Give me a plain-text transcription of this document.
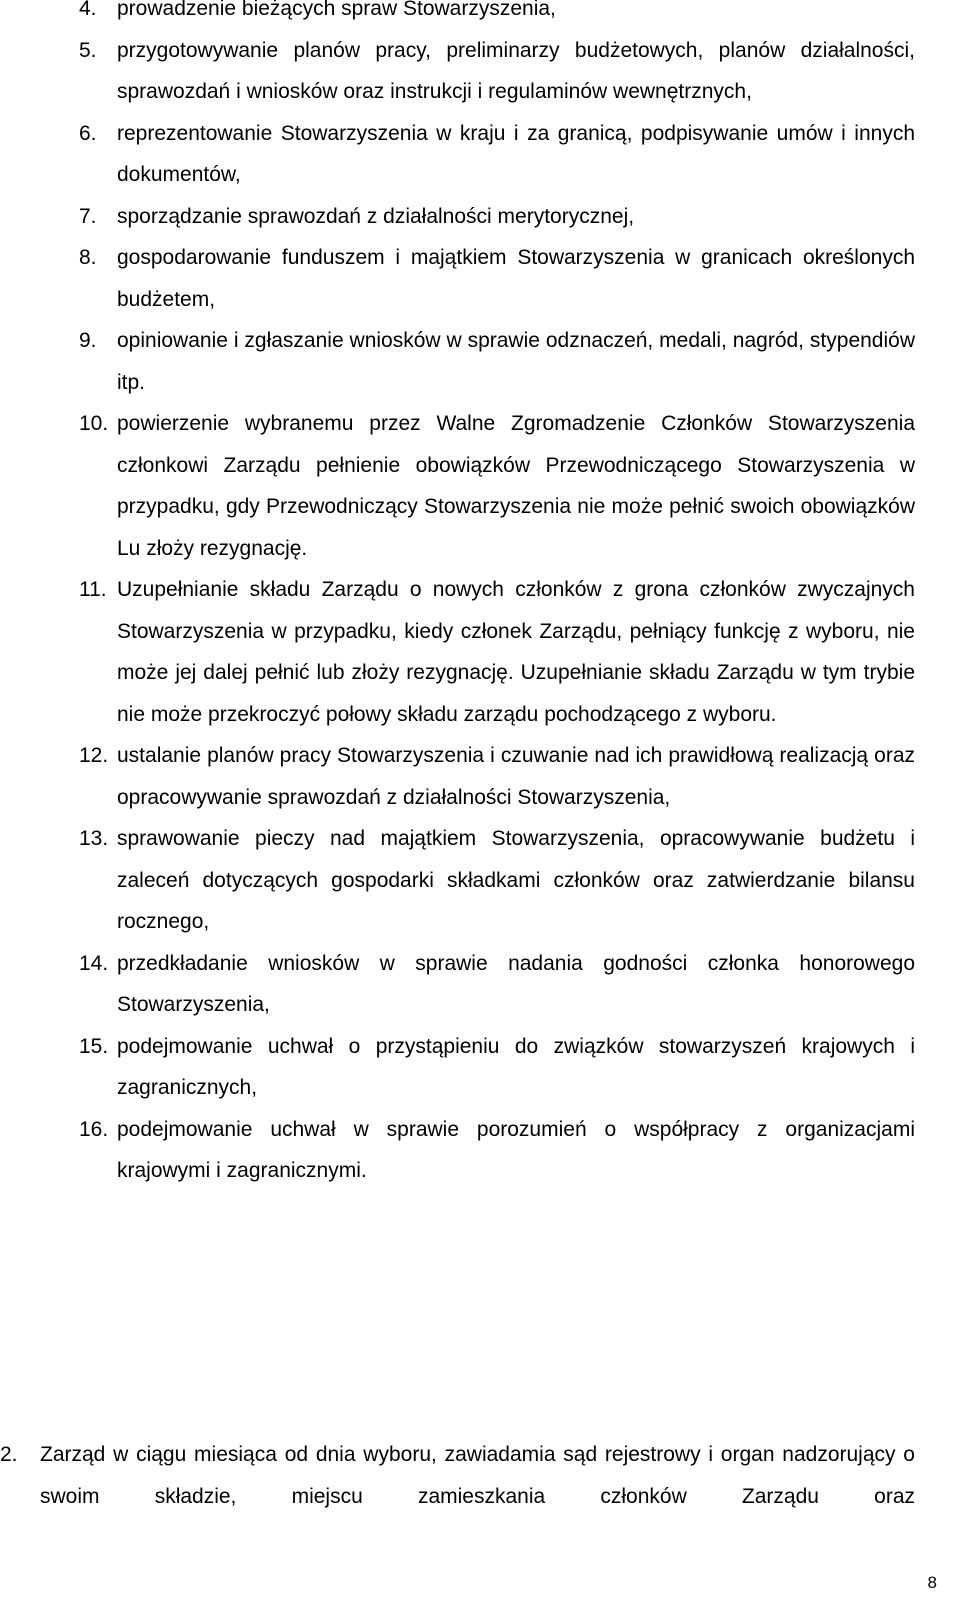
4. prowadzenie bieżących spraw Stowarzyszenia,
5. przygotowywanie planów pracy, preliminarzy budżetowych, planów działalności, sprawozdań i wniosków oraz instrukcji i regulaminów wewnętrznych,
6. reprezentowanie Stowarzyszenia w kraju i za granicą, podpisywanie umów i innych dokumentów,
7. sporządzanie sprawozdań z działalności merytorycznej,
8. gospodarowanie funduszem i majątkiem Stowarzyszenia w granicach określonych budżetem,
9. opiniowanie i zgłaszanie wniosków w sprawie odznaczeń, medali, nagród, stypendiów itp.
10. powierzenie wybranemu przez Walne Zgromadzenie Członków Stowarzyszenia członkowi Zarządu pełnienie obowiązków Przewodniczącego Stowarzyszenia w przypadku, gdy Przewodniczący Stowarzyszenia nie może pełnić swoich obowiązków Lu złoży rezygnację.
11. Uzupełnianie składu Zarządu o nowych członków z grona członków zwyczajnych Stowarzyszenia w przypadku, kiedy członek Zarządu, pełniący funkcję z wyboru, nie może jej dalej pełnić lub złoży rezygnację. Uzupełnianie składu Zarządu w tym trybie nie może przekroczyć połowy składu zarządu pochodzącego z wyboru.
12. ustalanie planów pracy Stowarzyszenia i czuwanie nad ich prawidłową realizacją oraz opracowywanie sprawozdań z działalności Stowarzyszenia,
13. sprawowanie pieczy nad majątkiem Stowarzyszenia, opracowywanie budżetu i zaleceń dotyczących gospodarki składkami członków oraz zatwierdzanie bilansu rocznego,
14. przedkładanie wniosków w sprawie nadania godności członka honorowego Stowarzyszenia,
15. podejmowanie uchwał o przystąpieniu do związków stowarzyszeń krajowych i zagranicznych,
16. podejmowanie uchwał w sprawie porozumień o współpracy z organizacjami krajowymi i zagranicznymi.
2. Zarząd w ciągu miesiąca od dnia wyboru, zawiadamia sąd rejestrowy i organ nadzorujący o swoim składzie, miejscu zamieszkania członków Zarządu oraz
8
